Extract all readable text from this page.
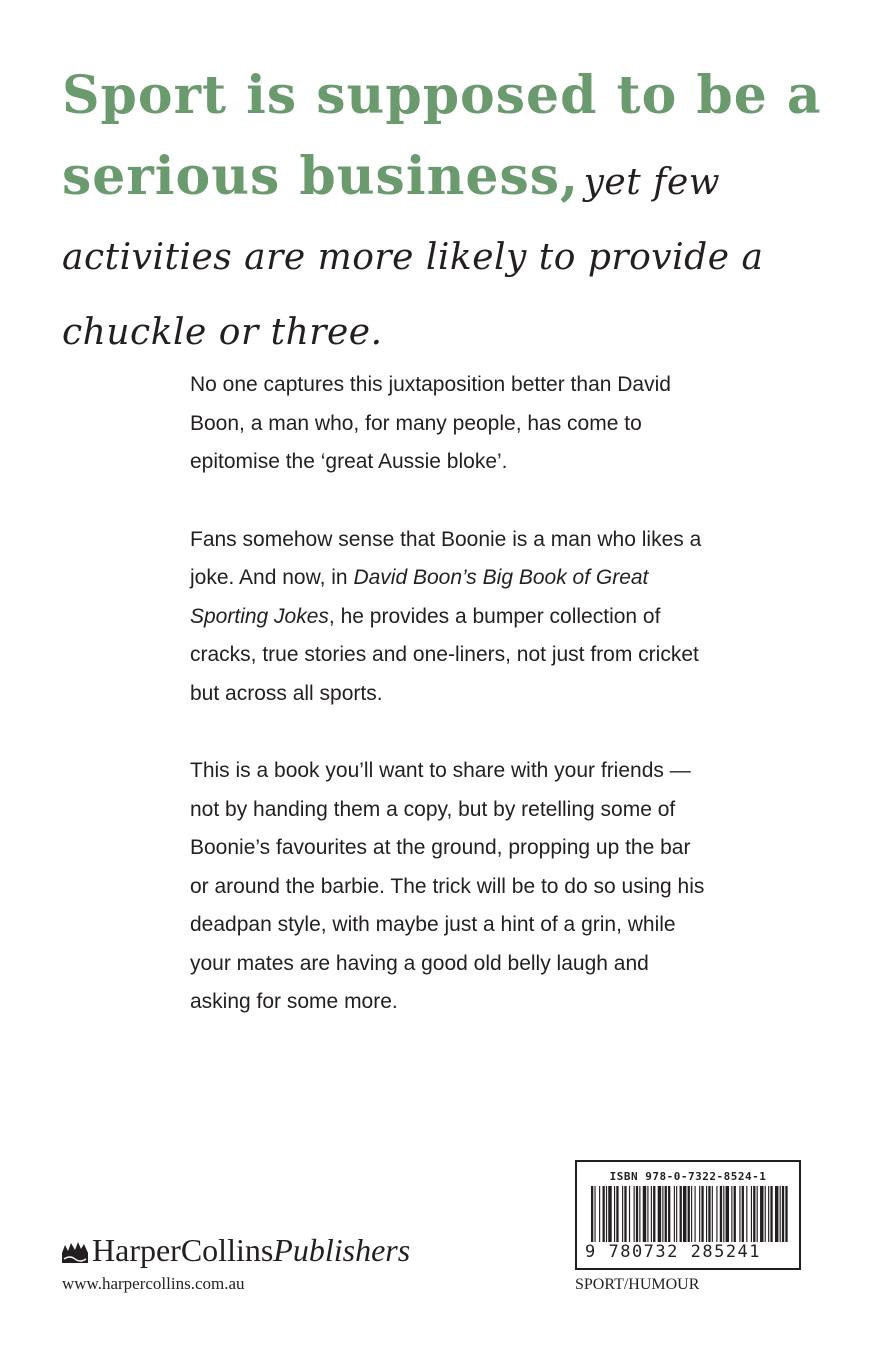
Sport is supposed to be a serious business, yet few activities are more likely to provide a chuckle or three.

No one captures this juxtaposition better than David Boon, a man who, for many people, has come to epitomise the ‘great Aussie bloke’.

Fans somehow sense that Boonie is a man who likes a joke. And now, in David Boon’s Big Book of Great Sporting Jokes, he provides a bumper collection of cracks, true stories and one-liners, not just from cricket but across all sports.

This is a book you’ll want to share with your friends — not by handing them a copy, but by retelling some of Boonie’s favourites at the ground, propping up the bar or around the barbie. The trick will be to do so using his deadpan style, with maybe just a hint of a grin, while your mates are having a good old belly laugh and asking for some more.

HarperCollins Publishers
www.harpercollins.com.au
ISBN 978-0-7322-8524-1
9 780732 285241
SPORT/HUMOUR
